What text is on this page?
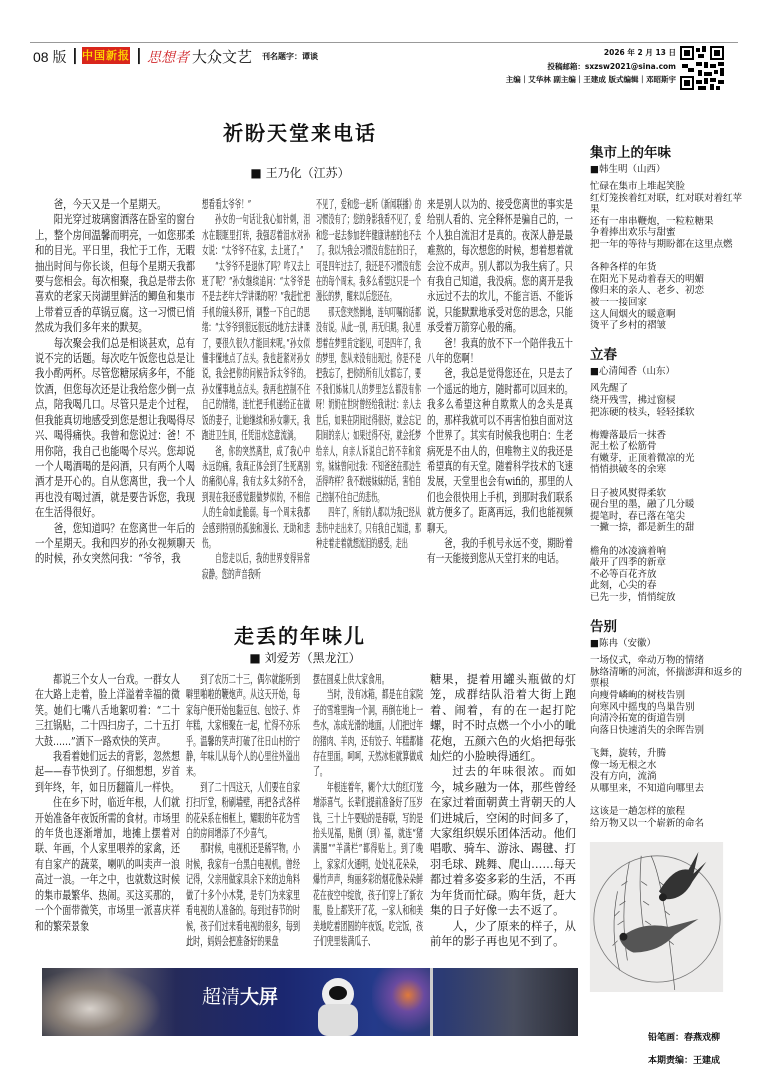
08 版 | 中国新报 | 思想者 大众文艺 刊名题字：谭谈	2026 年 2 月 13 日
投稿邮箱：sxzsw2021@sina.com
主编｜艾华林 副主编｜王建成 版式编辑｜邓昭斯宇
祈盼天堂来电话
■ 王乃化（江苏）

爸，今天又是一个星期天。

阳光穿过玻璃窗洒落在卧室的窗台上，整个房间温馨而明亮，一如您那柔和的目光。平日里，我忙于工作，无暇抽出时间与你长谈，但每个星期天我都要与您相会。每次相聚，我总是带去你喜欢的老家天岗湖里鲜活的鲫鱼和集市上带着豆香的草锅豆腐。这一习惯已悄然成为我们多年来的默契。

每次聚会我们总是相谈甚欢，总有说不完的话题。每次吃午饭您也总是让我小酌两杯。尽管您糖尿病多年，不能饮酒，但您每次还是让我给您少倒一点点，陪我喝几口。尽管只是走个过程，但我能真切地感受到您是想让我喝得尽兴、喝得痛快。我曾和您说过：爸！不用你陪，我自己也能喝个尽兴。您却说一个人喝酒喝的是闷酒，只有两个人喝酒才是开心的。自从您离世，我一个人再也没有喝过酒，就是要告诉您，我现在生活得很好。

爸，您知道吗？在您离世一年后的一个星期天。我和四岁的孙女视频聊天的时候，孙女突然问我：“爷爷，我

想看看太爷爷！”

孙女的一句话让我心如针刺，泪水在眼眶里打转，我强忍着泪水对孙女说：“太爷爷不在家，去上班了。”

“太爷爷不是退休了吗？咋又去上班了呢？”孙女继续追问：“太爷爷是不是去老年大学讲课的呀？”我赶忙把手机的镜头移开，调整一下自己的思绪：“太爷爷到很远很远的地方去讲课了，要很久很久才能回来呢。”孙女似懂非懂地点了点头。我也赶紧对孙女说，我会把你的问候告诉太爷爷的。孙女懂事地点点头。我再也控制不住自己的情绪，连忙把手机递给正在做饭的妻子，让她继续和孙女聊天。我跑进卫生间，任凭泪水恣意流淌。

爸，你的突然离世，成了我心中永远的痛。我真正体会到了生死离别的痛彻心扉。我有太多太多的不舍，到现在我还感觉跟做梦似的，不相信人的生命如此脆弱。每一个周末我都会感到特别的孤独和漫长、无助和悲伤。

自您走以后，我的世界变得异常寂静。您的声音我听

不见了，爱和您一起听《新闻联播》的习惯没有了；您的身影我看不见了，爱和您一起去参加老年健康讲座的也不去了。我以为我会习惯没有您在的日子，可是四年过去了，我还是不习惯没有您在的每个周末。我多么希望这只是一个漫长的梦，醒来以后您还在。

那天您突然倒地，连句叮嘱的话都没有说。从此一别，再无归期。我心里想着在梦里肯定能见，可是四年了，我的梦里，您从来没有出现过。你是不是把我忘了，把你的所有儿女都忘了，要不我们姊妹几人的梦里怎么都没有你呀！奶奶在世时曾经给我讲过：亲人去世后，如果在阴间过得很好，就会忘记阳间的亲人；如果过得不好，就会托梦给亲人，向亲人诉说自己的不幸和贫穷。妹妹曾问过我：不知爸爸在那边生活得咋样？我不敢接妹妹的话，害怕自己控制不住自己的悲伤。

四年了，所有的人都以为我已经从悲伤中走出来了。只有我自己知道，那种走着走着就想流泪的感受。走出

来是别人以为的、接受您离世的事实是给别人看的、完全释怀是骗自己的，一个人独自流泪才是真的。夜深人静是最难熬的，每次想您的时候，想着想着就会泣不成声。别人都以为我生病了。只有我自己知道，我没病。您的离开是我永远过不去的坎儿，不能言语、不能诉说，只能默默地承受对您的思念，只能承受着万箭穿心般的痛。

爸！我真的放不下一个陪伴我五十八年的您啊！

爸，我总是觉得您还在，只是去了一个遥远的地方，随时都可以回来的。我多么希望这种自欺欺人的念头是真的，那样我就可以不再害怕独自面对这个世界了。其实有时候我也明白：生老病死是不由人的，但唯物主义的我还是希望真的有天堂。随着科学技术的飞速发展，天堂里也会有wifi的，那里的人们也会很快用上手机，到那时我们联系就方便多了。距离再远，我们也能视频聊天。

爸，我的手机号永远不变，期盼着有一天能接到您从天堂打来的电话。

走丢的年味儿
■ 刘爱芳（黑龙江）

都说三个女人一台戏。一群女人在大路上走着，脸上洋溢着幸福的微笑。她们七嘴八舌地絮叨着：“二十三扛锅贴，二十四扫房子，二十五打大鼓……”洒下一路欢快的笑声。

我看着她们远去的背影，忽然想起——春节快到了。仔细想想，岁首到年终，年，如日历翻篇儿一样快。

住在乡下时，临近年根，人们就开始准备年夜饭所需的食材。市场里的年货也逐渐增加，地摊上摆着对联、年画，个人家里喂养的家禽，还有自家产的蔬菜，喇叭的叫卖声一浪高过一浪。一年之中，也就数这时候的集市最繁华、热闹。买这买那的，一个个面带微笑，市场里一派喜庆祥和的繁荣景象

到了农历二十三，偶尔就能听到噼里啪啦的鞭炮声。从这天开始，每家每户便开始包黏豆包、包饺子、炸年糕，大家相聚在一起，忙得不亦乐乎。温馨的笑声打破了往日山村的宁静，年味儿从每个人的心里往外溢出来。

到了二十四这天，人们要在自家打扫厅堂，粉刷墙壁，再把各式各样的花朵系在相框上，耀眼的年花为雪白的房间增添了不少喜气。

那时候，电视机还是稀罕物。小时候，我家有一台黑白电视机。曾经记得，父亲用做家具余下来的边角料做了十多个小木凳，是专门为来家里看电视的人准备的。每到过春节的时候，孩子们过来看电视的很多，每到此时，妈妈会把准备好的果盘

摆在圆桌上供大家食用。

当时，没有冰箱，都是在自家院子的雪堆里掏一个洞，再倒在地上一些水，冻成光滑的地面。人们把过年的猪肉、羊肉，还有饺子、年糕都储存在里面。呵呵，天然冰柜就算做成了。

年根连着年，糊个大大的红灯笼增添喜气。长辈们提前准备好了压岁钱，三十上午要贴的是春联，写的是抬头见福，贴倒（到）福，就连“猪满圈”“羊满栏”都得贴上。到了晚上，家家灯火通明，处处礼花朵朵，爆竹声声，绚丽多彩的烟花像朵朵鲜花在夜空中绽放，孩子们穿上了新衣服，脸上都笑开了花，一家人和和美美地吃着团圆的年夜饭。吃完饭，孩子们兜里装满瓜子、

糖果，提着用罐头瓶做的灯笼，成群结队沿着大街上跑着、闹着，有的在一起打陀螺，时不时点燃一个小小的呲花炮，五颜六色的火焰把每张灿烂的小脸映得通红。

过去的年味很浓。而如今，城乡融为一体，那些曾经在家过着面朝黄土背朝天的人们进城后，空闲的时间多了，大家组织娱乐团体活动。他们唱歌、骑车、游泳、踢毽、打羽毛球、跳舞、爬山……每天都过着多姿多彩的生活，不再为年货而忙碌。购年货，赶大集的日子好像一去不返了。

人，少了原来的样子，从前年的影子再也见不到了。

集市上的年味
■韩生明（山西）
忙碌在集市上堆起笑脸
红灯笼挨着红对联，红对联对着红苹果
还有一串串鞭炮，一粒粒糖果
争着捧出欢乐与甜蜜
把一年的等待与期盼都在这里点燃
各种各样的年货
在阳光下晃动着春天的明媚
像归来的亲人、老乡、初恋
被一一接回家
这人间烟火的暖意啊
烫平了乡村的褶皱
立春
■心清闻香（山东）
风先醒了
绕开残雪，拂过窗棂
把冻硬的枝头，轻轻揉软
梅瓣落最后一抹香
泥土松了松筋骨
有嫩芽，正顶着微凉的光
悄悄拱破冬的余寒
日子被风熨得柔软
砚台里的墨，融了几分暖
提笔时，春已落在笔尖
一撇一捺，都是新生的甜
檐角的冰凌滴着响
敲开了四季的新章
不必等百花齐放
此刻，心尖的春
已先一步，悄悄绽放
告别
■陈冉（安徽）
一场仪式，牵动万物的情绪
脉络清晰的河流，怀揣澎湃和返乡的票根
向瘦骨嶙峋的树枝告别
向寒风中摇曳的鸟巢告别
向清冷拓宽的街道告别
向落日快速消失的余晖告别
飞舞，旋转，升腾
像一场无根之水
没有方向，流淌
从哪里来，不知道向哪里去
这该是一趟怎样的旅程
给万物又以一个崭新的命名
铅笔画：春燕戏柳
本期责编：王建成
超清大屏
